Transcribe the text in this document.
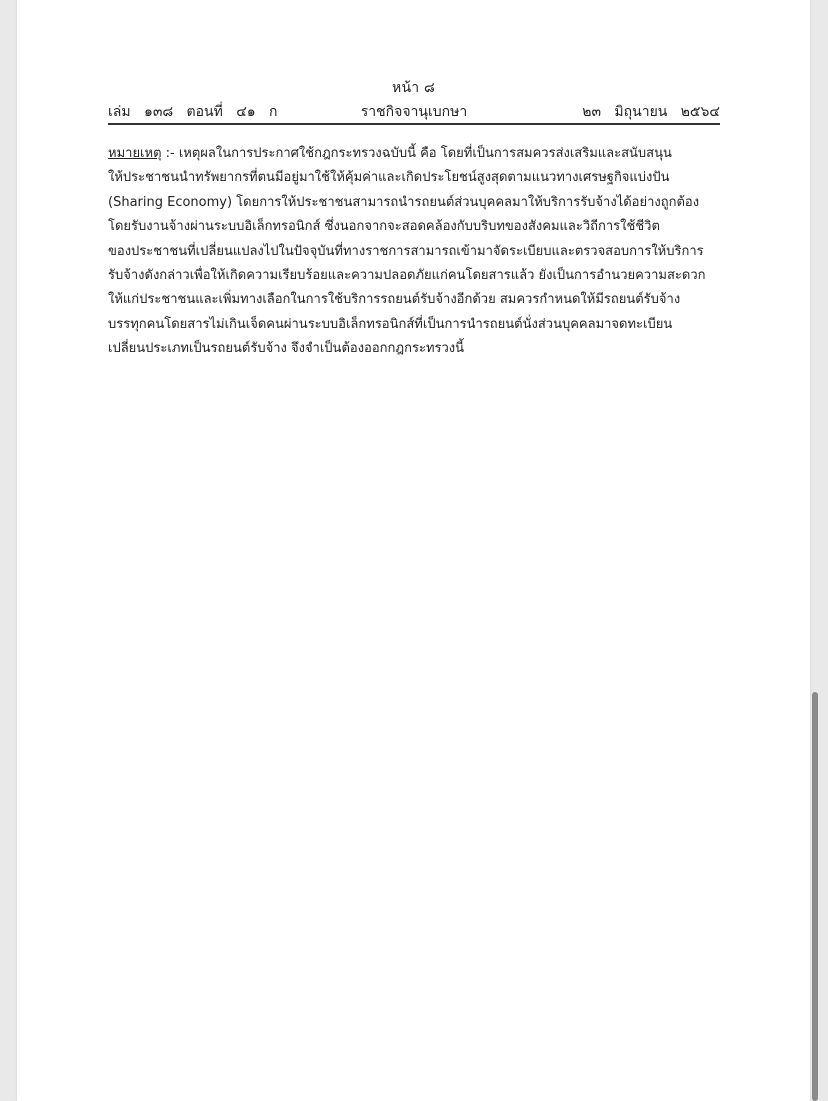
หน้า ๘
เล่ม   ๑๓๘   ตอนที่   ๔๑   ก	ราชกิจจานุเบกษา	๒๓   มิถุนายน   ๒๕๖๔
หมายเหตุ :- เหตุผลในการประกาศใช้กฎกระทรวงฉบับนี้ คือ โดยที่เป็นการสมควรส่งเสริมและสนับสนุน
ให้ประชาชนนำทรัพยากรที่ตนมีอยู่มาใช้ให้คุ้มค่าและเกิดประโยชน์สูงสุดตามแนวทางเศรษฐกิจแบ่งปัน
(Sharing Economy) โดยการให้ประชาชนสามารถนำรถยนต์ส่วนบุคคลมาให้บริการรับจ้างได้อย่างถูกต้อง
โดยรับงานจ้างผ่านระบบอิเล็กทรอนิกส์ ซึ่งนอกจากจะสอดคล้องกับบริบทของสังคมและวิถีการใช้ชีวิต
ของประชาชนที่เปลี่ยนแปลงไปในปัจจุบันที่ทางราชการสามารถเข้ามาจัดระเบียบและตรวจสอบการให้บริการ
รับจ้างดังกล่าวเพื่อให้เกิดความเรียบร้อยและความปลอดภัยแก่คนโดยสารแล้ว ยังเป็นการอำนวยความสะดวก
ให้แก่ประชาชนและเพิ่มทางเลือกในการใช้บริการรถยนต์รับจ้างอีกด้วย สมควรกำหนดให้มีรถยนต์รับจ้าง
บรรทุกคนโดยสารไม่เกินเจ็ดคนผ่านระบบอิเล็กทรอนิกส์ที่เป็นการนำรถยนต์นั่งส่วนบุคคลมาจดทะเบียน
เปลี่ยนประเภทเป็นรถยนต์รับจ้าง จึงจำเป็นต้องออกกฎกระทรวงนี้
